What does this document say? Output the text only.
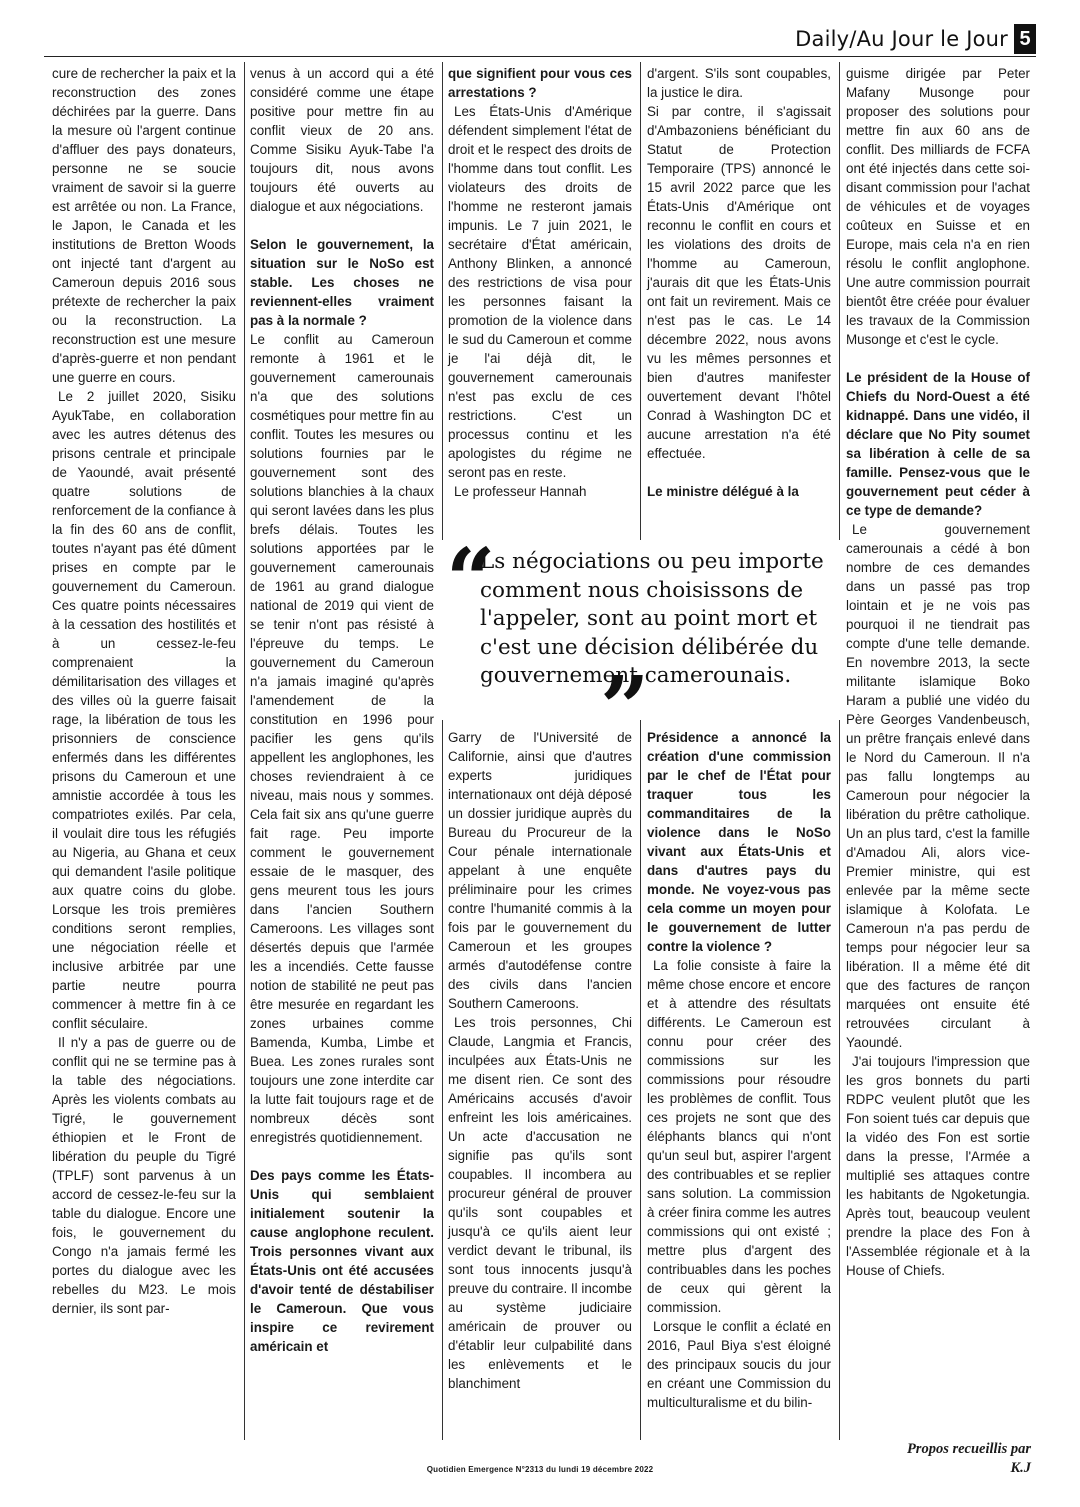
Daily/Au Jour le Jour 5

cure de rechercher la paix et la reconstruction des zones déchirées par la guerre. Dans la mesure où l'argent continue d'affluer des pays donateurs, personne ne se soucie vraiment de savoir si la guerre est arrêtée ou non. La France, le Japon, le Canada et les institutions de Bretton Woods ont injecté tant d'argent au Cameroun depuis 2016 sous prétexte de rechercher la paix ou la reconstruction. La reconstruction est une mesure d'après-guerre et non pendant une guerre en cours.

Le 2 juillet 2020, Sisiku AyukTabe, en collaboration avec les autres détenus des prisons centrale et principale de Yaoundé, avait présenté quatre solutions de renforcement de la confiance à la fin des 60 ans de conflit, toutes n'ayant pas été dûment prises en compte par le gouvernement du Cameroun. Ces quatre points nécessaires à la cessation des hostilités et à un cessez-le-feu comprenaient la démilitarisation des villages et des villes où la guerre faisait rage, la libération de tous les prisonniers de conscience enfermés dans les différentes prisons du Cameroun et une amnistie accordée à tous les compatriotes exilés. Par cela, il voulait dire tous les réfugiés au Nigeria, au Ghana et ceux qui demandent l'asile politique aux quatre coins du globe. Lorsque les trois premières conditions seront remplies, une négociation réelle et inclusive arbitrée par une partie neutre pourra commencer à mettre fin à ce conflit séculaire.

Il n'y a pas de guerre ou de conflit qui ne se termine pas à la table des négociations. Après les violents combats au Tigré, le gouvernement éthiopien et le Front de libération du peuple du Tigré (TPLF) sont parvenus à un accord de cessez-le-feu sur la table du dialogue. Encore une fois, le gouvernement du Congo n'a jamais fermé les portes du dialogue avec les rebelles du M23. Le mois dernier, ils sont par-

venus à un accord qui a été considéré comme une étape positive pour mettre fin au conflit vieux de 20 ans. Comme Sisiku Ayuk-Tabe l'a toujours dit, nous avons toujours été ouverts au dialogue et aux négociations.

Selon le gouvernement, la situation sur le NoSo est stable. Les choses ne reviennent-elles vraiment pas à la normale ?

Le conflit au Cameroun remonte à 1961 et le gouvernement camerounais n'a que des solutions cosmétiques pour mettre fin au conflit. Toutes les mesures ou solutions fournies par le gouvernement sont des solutions blanchies à la chaux qui seront lavées dans les plus brefs délais. Toutes les solutions apportées par le gouvernement camerounais de 1961 au grand dialogue national de 2019 qui vient de se tenir n'ont pas résisté à l'épreuve du temps. Le gouvernement du Cameroun n'a jamais imaginé qu'après l'amendement de la constitution en 1996 pour pacifier les gens qu'ils appellent les anglophones, les choses reviendraient à ce niveau, mais nous y sommes. Cela fait six ans qu'une guerre fait rage. Peu importe comment le gouvernement essaie de le masquer, des gens meurent tous les jours dans l'ancien Southern Cameroons. Les villages sont désertés depuis que l'armée les a incendiés. Cette fausse notion de stabilité ne peut pas être mesurée en regardant les zones urbaines comme Bamenda, Kumba, Limbe et Buea. Les zones rurales sont toujours une zone interdite car la lutte fait toujours rage et de nombreux décès sont enregistrés quotidiennement.

Des pays comme les États-Unis qui semblaient initialement soutenir la cause anglophone reculent. Trois personnes vivant aux États-Unis ont été accusées d'avoir tenté de déstabiliser le Cameroun. Que vous inspire ce revirement américain et

que signifient pour vous ces arrestations ?

Les États-Unis d'Amérique défendent simplement l'état de droit et le respect des droits de l'homme dans tout conflit. Les violateurs des droits de l'homme ne resteront jamais impunis. Le 7 juin 2021, le secrétaire d'État américain, Anthony Blinken, a annoncé des restrictions de visa pour les personnes faisant la promotion de la violence dans le sud du Cameroun et comme je l'ai déjà dit, le gouvernement camerounais n'est pas exclu de ces restrictions. C'est un processus continu et les apologistes du régime ne seront pas en reste.

Le professeur Hannah

d'argent. S'ils sont coupables, la justice le dira.

Si par contre, il s'agissait d'Ambazoniens bénéficiant du Statut de Protection Temporaire (TPS) annoncé le 15 avril 2022 parce que les États-Unis d'Amérique ont reconnu le conflit en cours et les violations des droits de l'homme au Cameroun, j'aurais dit que les États-Unis ont fait un revirement. Mais ce n'est pas le cas. Le 14 décembre 2022, nous avons vu les mêmes personnes et bien d'autres manifester ouvertement devant l'hôtel Conrad à Washington DC et aucune arrestation n'a été effectuée.

Le ministre délégué à la

“
Ls négociations ou peu importe comment nous choisissons de l'appeler, sont au point mort et c'est une décision délibérée du gouvernement camerounais.
”

Garry de l'Université de Californie, ainsi que d'autres experts juridiques internationaux ont déjà déposé un dossier juridique auprès du Bureau du Procureur de la Cour pénale internationale appelant à une enquête préliminaire pour les crimes contre l'humanité commis à la fois par le gouvernement du Cameroun et les groupes armés d'autodéfense contre des civils dans l'ancien Southern Cameroons.

Les trois personnes, Chi Claude, Langmia et Francis, inculpées aux États-Unis ne me disent rien. Ce sont des Américains accusés d'avoir enfreint les lois américaines. Un acte d'accusation ne signifie pas qu'ils sont coupables. Il incombera au procureur général de prouver qu'ils sont coupables et jusqu'à ce qu'ils aient leur verdict devant le tribunal, ils sont tous innocents jusqu'à preuve du contraire. Il incombe au système judiciaire américain de prouver ou d'établir leur culpabilité dans les enlèvements et le blanchiment

Présidence a annoncé la création d'une commission par le chef de l'État pour traquer tous les commanditaires de la violence dans le NoSo vivant aux États-Unis et dans d'autres pays du monde. Ne voyez-vous pas cela comme un moyen pour le gouvernement de lutter contre la violence ?

La folie consiste à faire la même chose encore et encore et à attendre des résultats différents. Le Cameroun est connu pour créer des commissions sur les commissions pour résoudre les problèmes de conflit. Tous ces projets ne sont que des éléphants blancs qui n'ont qu'un seul but, aspirer l'argent des contribuables et se replier sans solution. La commission à créer finira comme les autres commissions qui ont existé ; mettre plus d'argent des contribuables dans les poches de ceux qui gèrent la commission.

Lorsque le conflit a éclaté en 2016, Paul Biya s'est éloigné des principaux soucis du jour en créant une Commission du multiculturalisme et du bilin-

guisme dirigée par Peter Mafany Musonge pour proposer des solutions pour mettre fin aux 60 ans de conflit. Des milliards de FCFA ont été injectés dans cette soi-disant commission pour l'achat de véhicules et de voyages coûteux en Suisse et en Europe, mais cela n'a en rien résolu le conflit anglophone. Une autre commission pourrait bientôt être créée pour évaluer les travaux de la Commission Musonge et c'est le cycle.

Le président de la House of Chiefs du Nord-Ouest a été kidnappé. Dans une vidéo, il déclare que No Pity soumet sa libération à celle de sa famille. Pensez-vous que le gouvernement peut céder à ce type de demande?

Le gouvernement camerounais a cédé à bon nombre de ces demandes dans un passé pas trop lointain et je ne vois pas pourquoi il ne tiendrait pas compte d'une telle demande. En novembre 2013, la secte militante islamique Boko Haram a publié une vidéo du Père Georges Vandenbeusch, un prêtre français enlevé dans le Nord du Cameroun. Il n'a pas fallu longtemps au Cameroun pour négocier la libération du prêtre catholique. Un an plus tard, c'est la famille d'Amadou Ali, alors vice-Premier ministre, qui est enlevée par la même secte islamique à Kolofata. Le Cameroun n'a pas perdu de temps pour négocier leur sa libération. Il a même été dit que des factures de rançon marquées ont ensuite été retrouvées circulant à Yaoundé.

J'ai toujours l'impression que les gros bonnets du parti RDPC veulent plutôt que les Fon soient tués car depuis que la vidéo des Fon est sortie dans la presse, l'Armée a multiplié ses attaques contre les habitants de Ngoketungia. Après tout, beaucoup veulent prendre la place des Fon à l'Assemblée régionale et à la House of Chiefs.

Propos recueillis par
K.J
Quotidien Emergence N°2313 du lundi 19 décembre 2022
